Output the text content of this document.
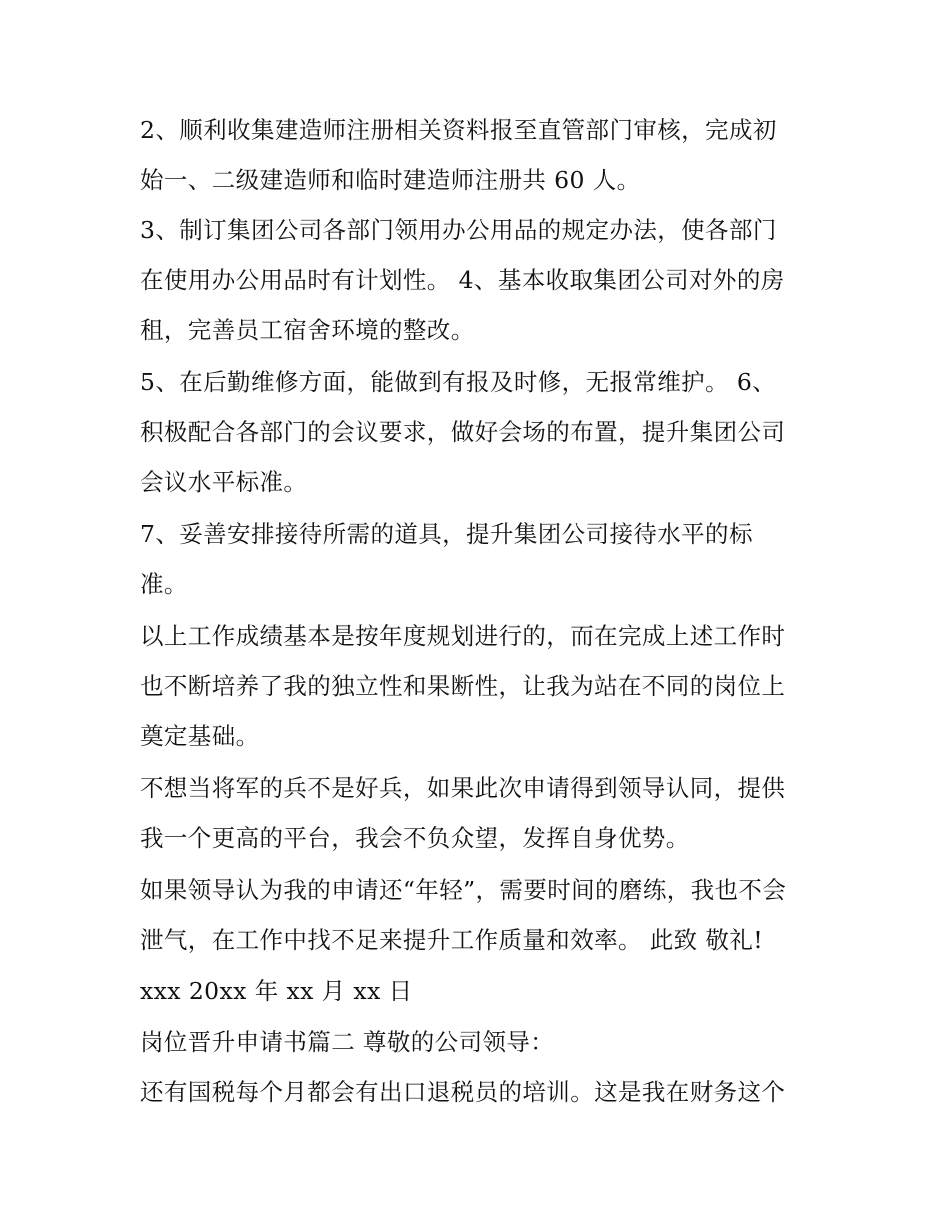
2、顺利收集建造师注册相关资料报至直管部门审核，完成初
始一、二级建造师和临时建造师注册共 60 人。
3、制订集团公司各部门领用办公用品的规定办法，使各部门
在使用办公用品时有计划性。 4、基本收取集团公司对外的房
租，完善员工宿舍环境的整改。
5、在后勤维修方面，能做到有报及时修，无报常维护。 6、
积极配合各部门的会议要求，做好会场的布置，提升集团公司
会议水平标准。
7、妥善安排接待所需的道具，提升集团公司接待水平的标
准。
以上工作成绩基本是按年度规划进行的，而在完成上述工作时
也不断培养了我的独立性和果断性，让我为站在不同的岗位上
奠定基础。
不想当将军的兵不是好兵，如果此次申请得到领导认同，提供
我一个更高的平台，我会不负众望，发挥自身优势。
如果领导认为我的申请还“年轻”，需要时间的磨练，我也不会
泄气，在工作中找不足来提升工作质量和效率。 此致 敬礼!
xxx 20xx 年 xx 月 xx 日
岗位晋升申请书篇二 尊敬的公司领导：
还有国税每个月都会有出口退税员的培训。这是我在财务这个
